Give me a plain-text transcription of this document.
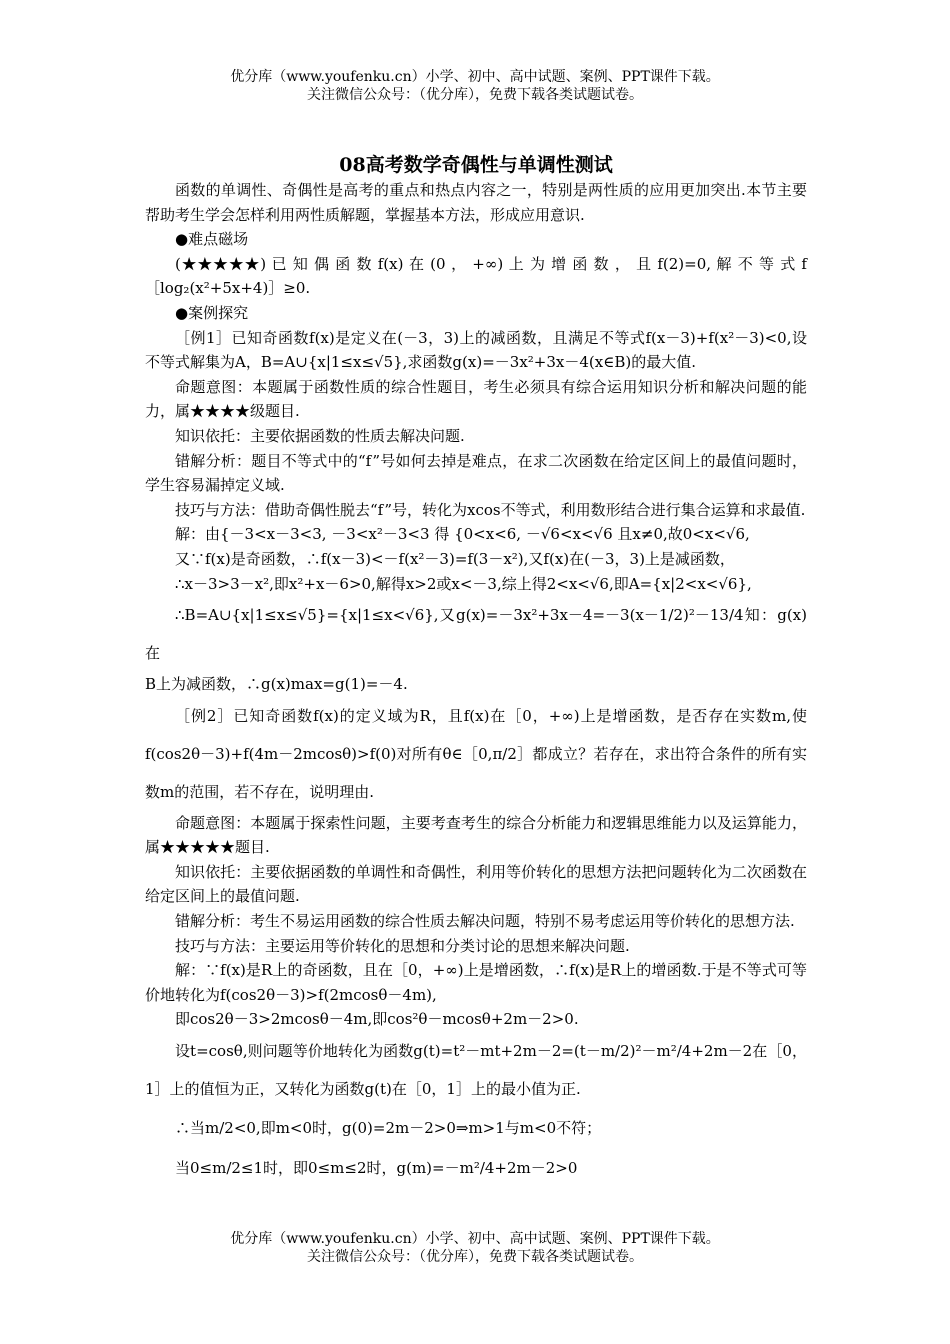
优分库（www.youfenku.cn）小学、初中、高中试题、案例、PPT课件下载。
关注微信公众号：（优分库），免费下载各类试题试卷。
08高考数学奇偶性与单调性测试
函数的单调性、奇偶性是高考的重点和热点内容之一，特别是两性质的应用更加突出.本节主要帮助考生学会怎样利用两性质解题，掌握基本方法，形成应用意识.
●难点磁场
(★★★★★) 已 知 偶 函 数 f(x) 在 (0 ， +∞) 上 为 增 函 数 ， 且 f(2)=0, 解 不 等 式 f［log₂(x²+5x+4)］≥0.
●案例探究
［例1］已知奇函数f(x)是定义在(－3，3)上的减函数，且满足不等式f(x－3)+f(x²－3)<0,设不等式解集为A，B=A∪{x|1≤x≤√5},求函数g(x)=－3x²+3x－4(x∈B)的最大值.
命题意图：本题属于函数性质的综合性题目，考生必须具有综合运用知识分析和解决问题的能力，属★★★★级题目.
知识依托：主要依据函数的性质去解决问题.
错解分析：题目不等式中的“f”号如何去掉是难点，在求二次函数在给定区间上的最值问题时，学生容易漏掉定义域.
技巧与方法：借助奇偶性脱去“f”号，转化为xcos不等式，利用数形结合进行集合运算和求最值.
解：由{－3<x－3<3, －3<x²－3<3 得 {0<x<6, －√6<x<√6 且x≠0,故0<x<√6,
又∵f(x)是奇函数，∴f(x－3)<－f(x²－3)=f(3－x²),又f(x)在(－3，3)上是减函数，
∴x－3>3－x²,即x²+x－6>0,解得x>2或x<－3,综上得2<x<√6,即A={x|2<x<√6},
∴B=A∪{x|1≤x≤√5}={x|1≤x<√6},又g(x)=－3x²+3x－4=－3(x－1/2)²－13/4知：g(x)在
B上为减函数，∴g(x)max=g(1)=－4.
［例2］已知奇函数f(x)的定义域为R，且f(x)在［0，+∞)上是增函数，是否存在实数m,使f(cos2θ－3)+f(4m－2mcosθ)>f(0)对所有θ∈［0,π/2］都成立？若存在，求出符合条件的所有实数m的范围，若不存在，说明理由.
命题意图：本题属于探索性问题，主要考查考生的综合分析能力和逻辑思维能力以及运算能力，属★★★★★题目.
知识依托：主要依据函数的单调性和奇偶性，利用等价转化的思想方法把问题转化为二次函数在给定区间上的最值问题.
错解分析：考生不易运用函数的综合性质去解决问题，特别不易考虑运用等价转化的思想方法.
技巧与方法：主要运用等价转化的思想和分类讨论的思想来解决问题.
解：∵f(x)是R上的奇函数，且在［0，+∞)上是增函数，∴f(x)是R上的增函数.于是不等式可等价地转化为f(cos2θ－3)>f(2mcosθ－4m),
即cos2θ－3>2mcosθ－4m,即cos²θ－mcosθ+2m－2>0.
设t=cosθ,则问题等价地转化为函数g(t)=t²－mt+2m－2=(t－m/2)²－m²/4+2m－2在［0，1］上的值恒为正，又转化为函数g(t)在［0，1］上的最小值为正.
∴当m/2<0,即m<0时，g(0)=2m－2>0⇒m>1与m<0不符；
当0≤m/2≤1时，即0≤m≤2时，g(m)=－m²/4+2m－2>0
优分库（www.youfenku.cn）小学、初中、高中试题、案例、PPT课件下载。
关注微信公众号：（优分库），免费下载各类试题试卷。
